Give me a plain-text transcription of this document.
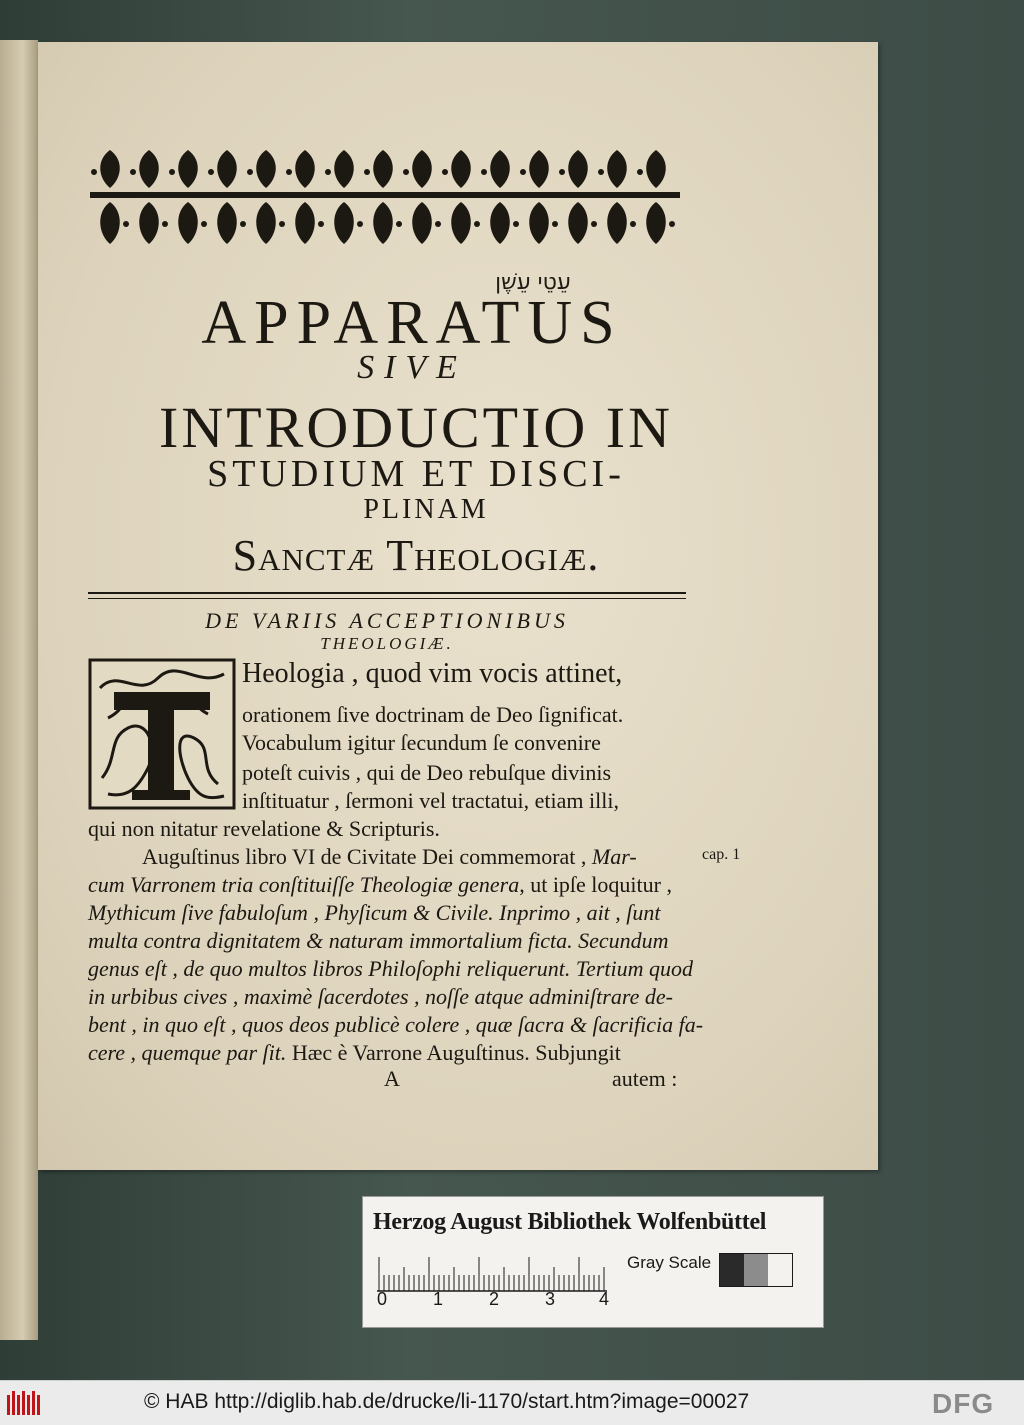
עֵטֵי עֵשֶׁן
APPARATUS
SIVE
INTRODUCTIO IN
STUDIUM ET DISCI-
PLINAM
Sanctæ Theologiæ.
DE VARIIS ACCEPTIONIBUS
THEOLOGIÆ.
Heologia , quod vim vocis attinet,
orationem ſive doctrinam de Deo ſignificat.
Vocabulum igitur ſecundum ſe convenire
poteſt cuivis , qui de Deo rebuſque divinis
inſtituatur , ſermoni vel tractatui, etiam illi,
qui non nitatur revelatione & Scripturis.
Auguſtinus libro VI de Civitate Dei commemorat , Mar-
cum Varronem tria conſtituiſſe Theologiæ genera, ut ipſe loquitur ,
Mythicum ſive fabuloſum , Phyſicum & Civile. Inprimo , ait , ſunt
multa contra dignitatem & naturam immortalium ficta. Secundum
genus eſt , de quo multos libros Philoſophi reliquerunt. Tertium quod
in urbibus cives , maximè ſacerdotes , noſſe atque adminiſtrare de-
bent , in quo eſt , quos deos publicè colere , quæ ſacra & ſacrificia fa-
cere , quemque par ſit. Hæc è Varrone Auguſtinus. Subjungit
cap. 1
A	autem :
Herzog August Bibliothek Wolfenbüttel
Gray Scale
0	1	2	3 4
© HAB http://diglib.hab.de/drucke/li-1170/start.htm?image=00027	DFG
